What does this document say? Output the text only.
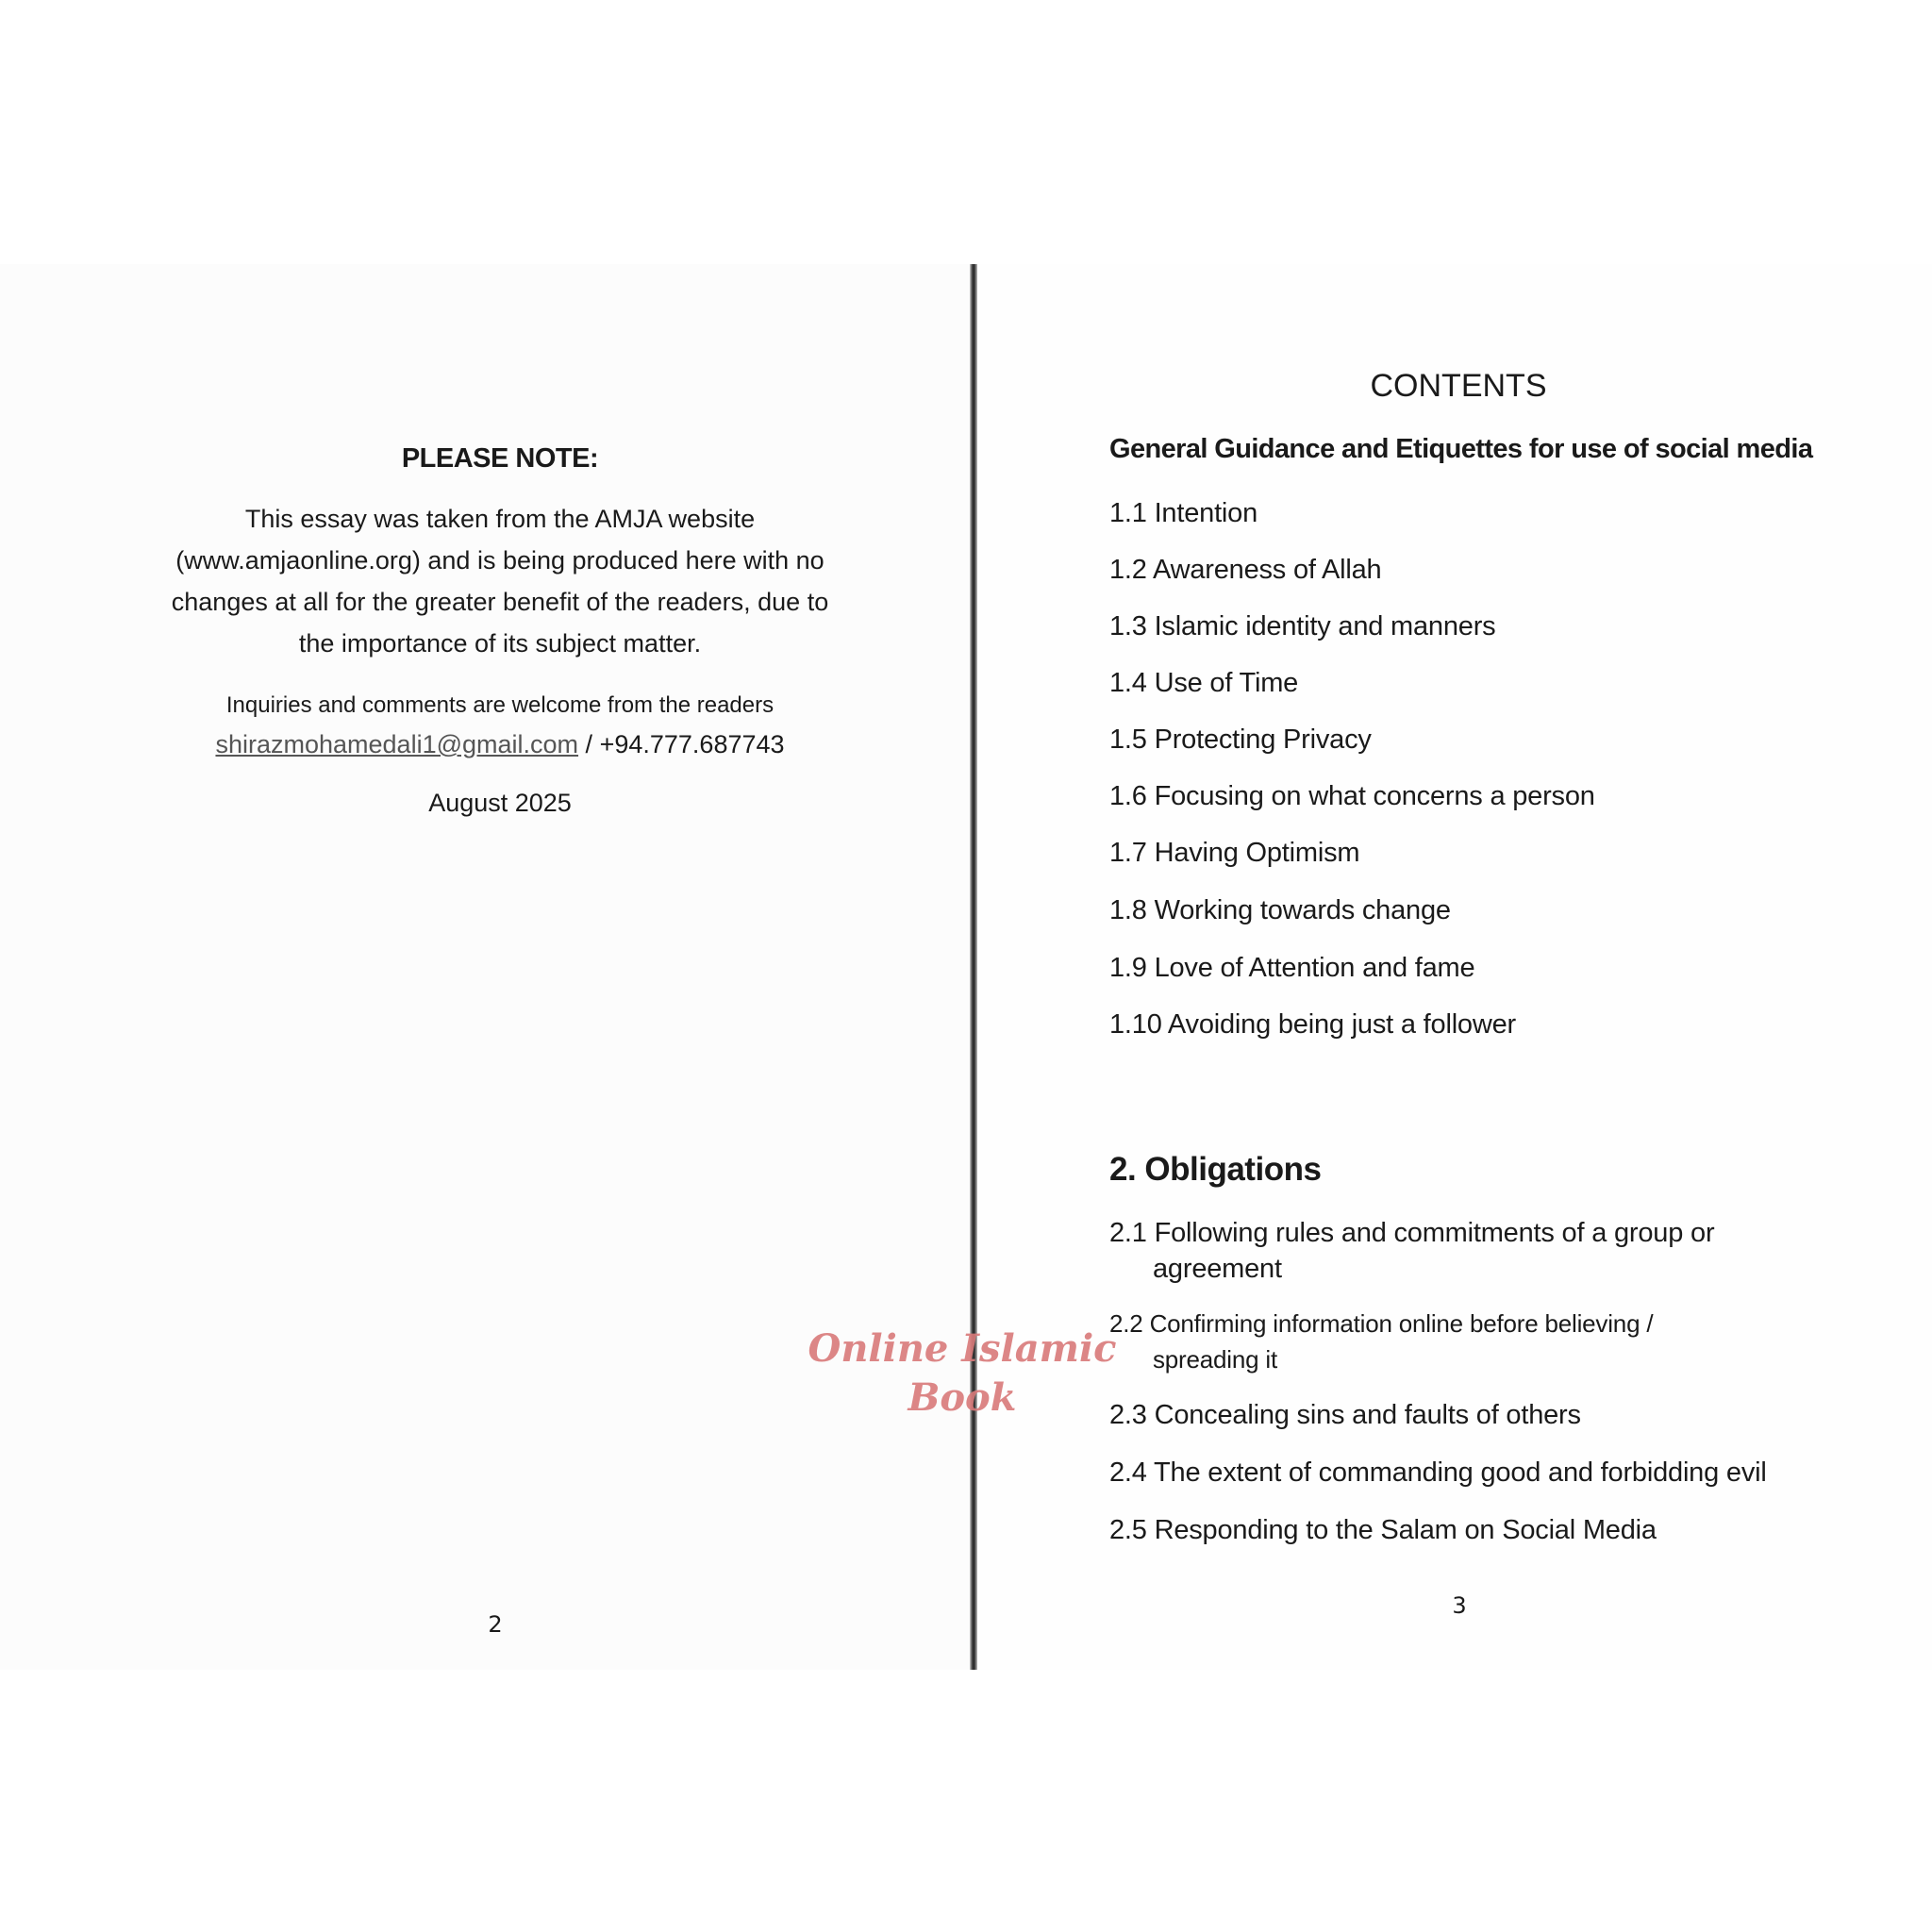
PLEASE NOTE:
This essay was taken from the AMJA website (www.amjaonline.org) and is being produced here with no changes at all for the greater benefit of the readers, due to the importance of its subject matter.
Inquiries and comments are welcome from the readers
shirazmohamedali1@gmail.com / +94.777.687743
August 2025
2
CONTENTS
General Guidance and Etiquettes for use of social media
1.1 Intention
1.2 Awareness of Allah
1.3 Islamic identity and manners
1.4 Use of Time
1.5 Protecting Privacy
1.6 Focusing on what concerns a person
1.7 Having Optimism
1.8 Working towards change
1.9 Love of Attention and fame
1.10 Avoiding being just a follower
2. Obligations
2.1 Following rules and commitments of a group or
agreement
2.2 Confirming information online before believing /
spreading it
2.3 Concealing sins and faults of others
2.4 The extent of commanding good and forbidding evil
2.5 Responding to the Salam on Social Media
3
Online Islamic
Book
